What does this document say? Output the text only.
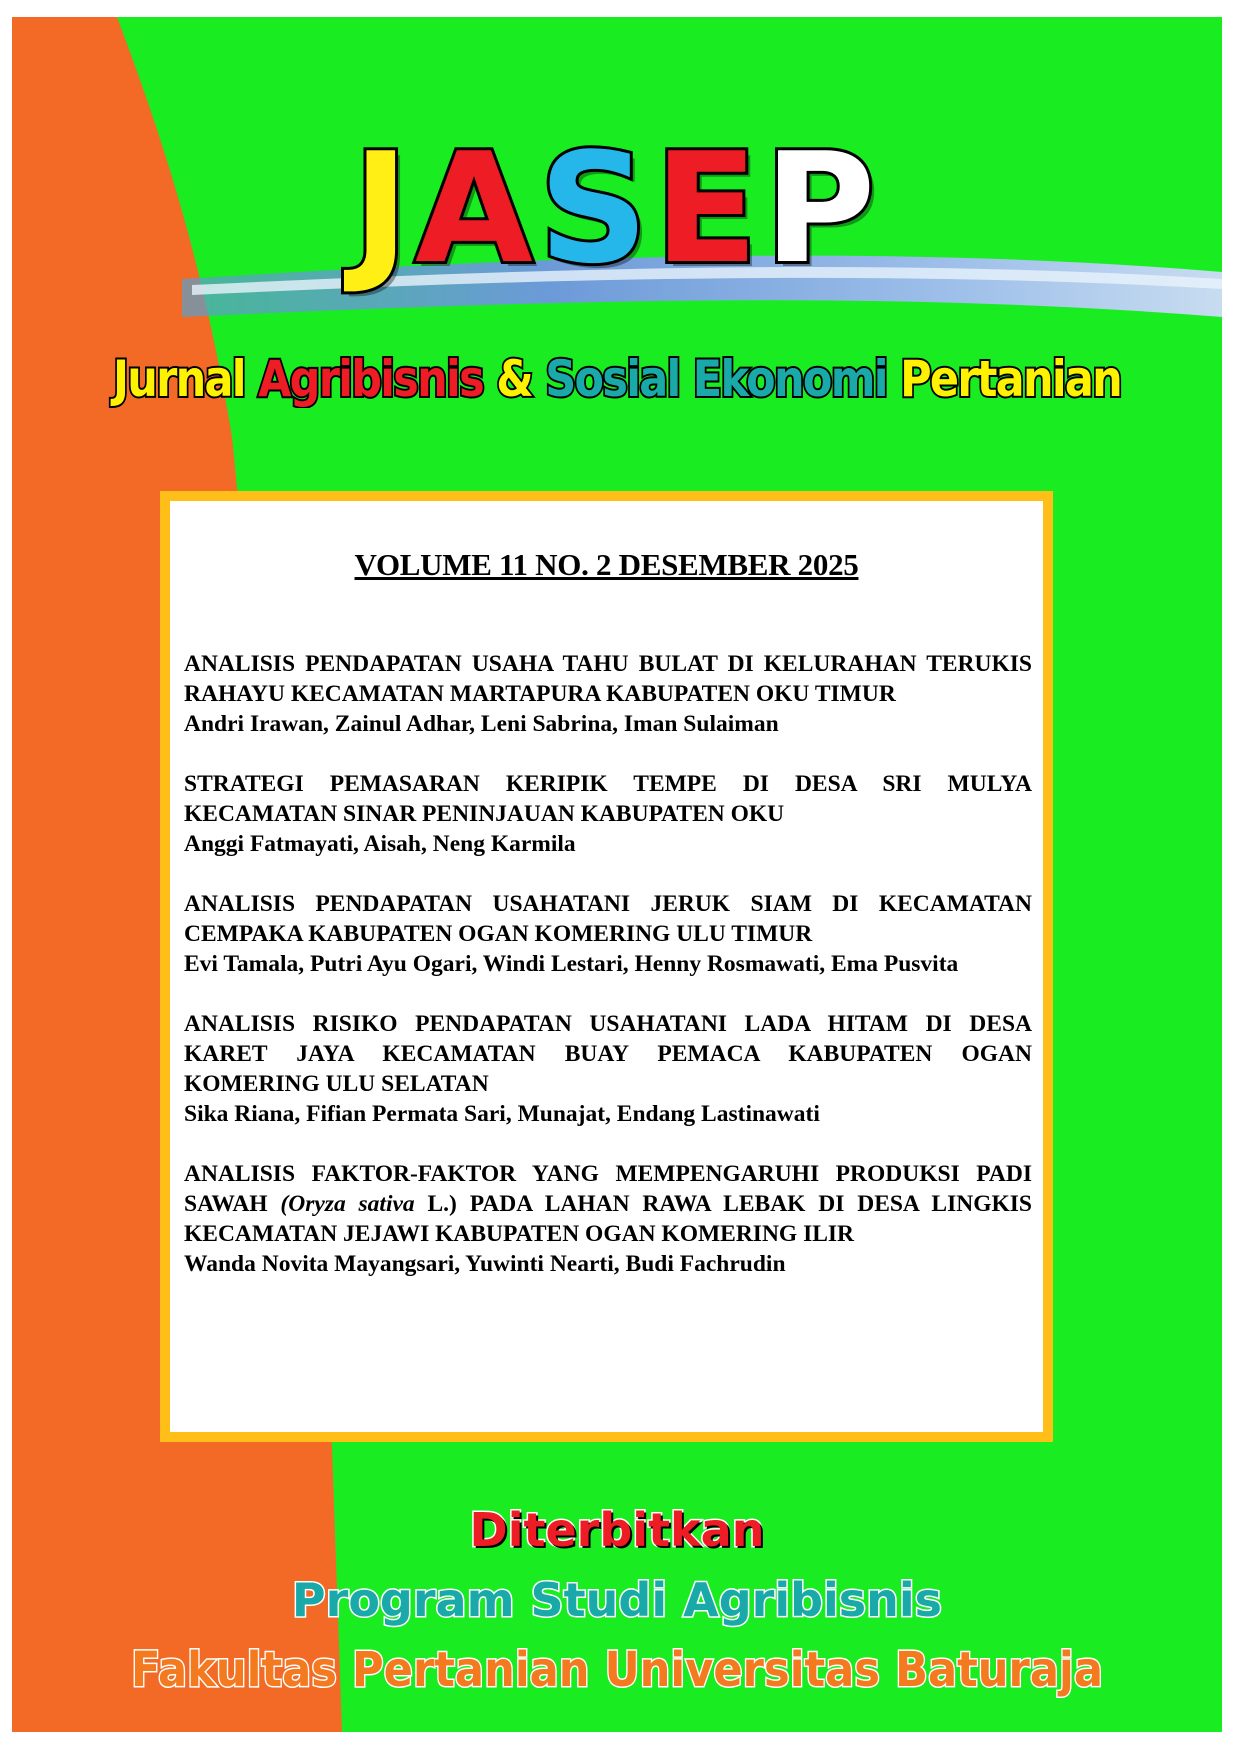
JASEP
Jurnal Agribisnis & Sosial Ekonomi Pertanian
VOLUME 11 NO. 2 DESEMBER 2025

ANALISIS PENDAPATAN USAHA TAHU BULAT DI KELURAHAN TERUKIS RAHAYU KECAMATAN MARTAPURA KABUPATEN OKU TIMUR

Andri Irawan, Zainul Adhar, Leni Sabrina, Iman Sulaiman

STRATEGI PEMASARAN KERIPIK TEMPE DI DESA SRI MULYA KECAMATAN SINAR PENINJAUAN KABUPATEN OKU

Anggi Fatmayati, Aisah, Neng Karmila

ANALISIS PENDAPATAN USAHATANI JERUK SIAM DI KECAMATAN CEMPAKA KABUPATEN OGAN KOMERING ULU TIMUR

Evi Tamala, Putri Ayu Ogari, Windi Lestari, Henny Rosmawati, Ema Pusvita

ANALISIS RISIKO PENDAPATAN USAHATANI LADA HITAM DI DESA KARET JAYA KECAMATAN BUAY PEMACA KABUPATEN OGAN KOMERING ULU SELATAN

Sika Riana, Fifian Permata Sari, Munajat, Endang Lastinawati

ANALISIS FAKTOR-FAKTOR YANG MEMPENGARUHI PRODUKSI PADI SAWAH (Oryza sativa L.) PADA LAHAN RAWA LEBAK DI DESA LINGKIS KECAMATAN JEJAWI KABUPATEN OGAN KOMERING ILIR

Wanda Novita Mayangsari, Yuwinti Nearti, Budi Fachrudin

Diterbitkan
Program Studi Agribisnis
Fakultas Pertanian Universitas Baturaja
